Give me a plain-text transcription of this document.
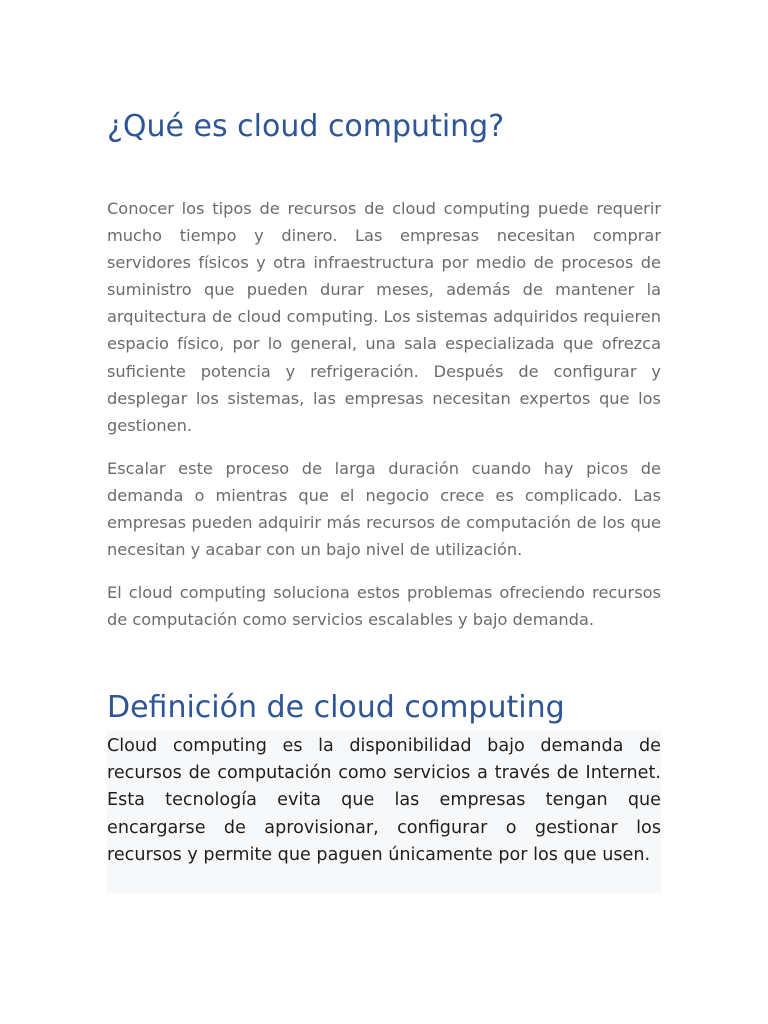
¿Qué es cloud computing?

Conocer los tipos de recursos de cloud computing puede requerir mucho tiempo y dinero. Las empresas necesitan comprar servidores físicos y otra infraestructura por medio de procesos de suministro que pueden durar meses, además de mantener la arquitectura de cloud computing. Los sistemas adquiridos requieren espacio físico, por lo general, una sala especializada que ofrezca suficiente potencia y refrigeración. Después de configurar y desplegar los sistemas, las empresas necesitan expertos que los gestionen.

Escalar este proceso de larga duración cuando hay picos de demanda o mientras que el negocio crece es complicado. Las empresas pueden adquirir más recursos de computación de los que necesitan y acabar con un bajo nivel de utilización.

El cloud computing soluciona estos problemas ofreciendo recursos de computación como servicios escalables y bajo demanda.

Definición de cloud computing

Cloud computing es la disponibilidad bajo demanda de recursos de computación como servicios a través de Internet. Esta tecnología evita que las empresas tengan que encargarse de aprovisionar, configurar o gestionar los recursos y permite que paguen únicamente por los que usen.
